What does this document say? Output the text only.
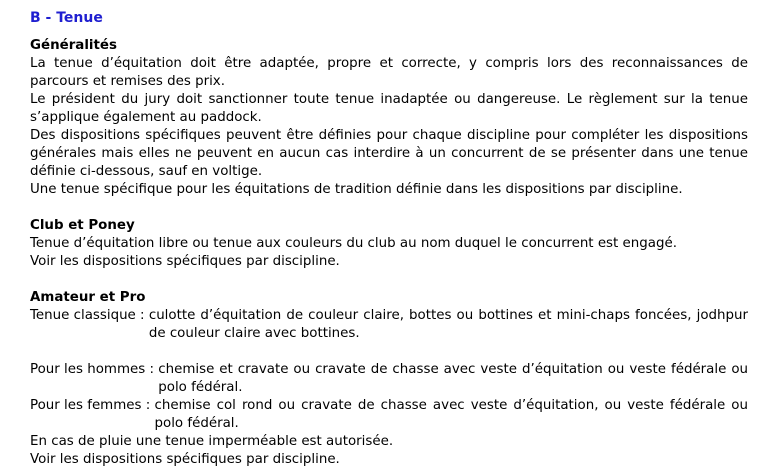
B - Tenue
Généralités

La tenue d’équitation doit être adaptée, propre et correcte, y compris lors des reconnaissances de parcours et remises des prix.

Le président du jury doit sanctionner toute tenue inadaptée ou dangereuse. Le règlement sur la tenue s’applique également au paddock.

Des dispositions spécifiques peuvent être définies pour chaque discipline pour compléter les dispositions générales mais elles ne peuvent en aucun cas interdire à un concurrent de se présenter dans une tenue définie ci-dessous, sauf en voltige.

Une tenue spécifique pour les équitations de tradition définie dans les dispositions par discipline.

Club et Poney

Tenue d’équitation libre ou tenue aux couleurs du club au nom duquel le concurrent est engagé.

Voir les dispositions spécifiques par discipline.

Amateur et Pro
Tenue classique : culotte d’équitation de couleur claire, bottes ou bottines et mini-chaps foncées, jodhpur de couleur claire avec bottines.
Pour les hommes : chemise et cravate ou cravate de chasse avec veste d’équitation ou veste fédérale ou polo fédéral.
Pour les femmes : chemise col rond ou cravate de chasse avec veste d’équitation, ou veste fédérale ou polo fédéral.

En cas de pluie une tenue imperméable est autorisée.

Voir les dispositions spécifiques par discipline.
